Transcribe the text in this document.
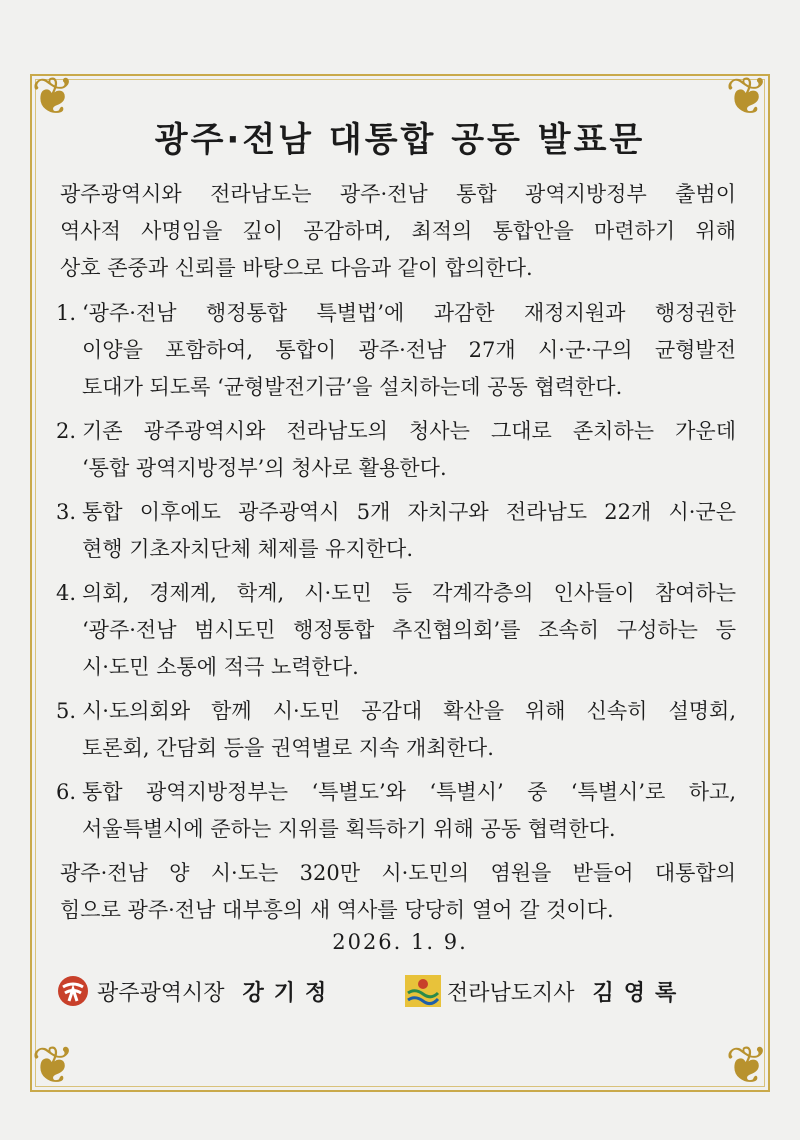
❦	❦
❦	❦
광주·전남 대통합 공동 발표문
광주광역시와 전라남도는 광주·전남 통합 광역지방정부 출범이
역사적 사명임을 깊이 공감하며, 최적의 통합안을 마련하기 위해
상호 존중과 신뢰를 바탕으로 다음과 같이 합의한다.
1. ‘광주·전남 행정통합 특별법’에 과감한 재정지원과 행정권한
이양을 포함하여, 통합이 광주·전남 27개 시·군·구의 균형발전
토대가 되도록 ‘균형발전기금’을 설치하는데 공동 협력한다.
2. 기존 광주광역시와 전라남도의 청사는 그대로 존치하는 가운데
‘통합 광역지방정부’의 청사로 활용한다.
3. 통합 이후에도 광주광역시 5개 자치구와 전라남도 22개 시·군은
현행 기초자치단체 체제를 유지한다.
4. 의회, 경제계, 학계, 시·도민 등 각계각층의 인사들이 참여하는
‘광주·전남 범시도민 행정통합 추진협의회’를 조속히 구성하는 등
시·도민 소통에 적극 노력한다.
5. 시·도의회와 함께 시·도민 공감대 확산을 위해 신속히 설명회,
토론회, 간담회 등을 권역별로 지속 개최한다.
6. 통합 광역지방정부는 ‘특별도’와 ‘특별시’ 중 ‘특별시’로 하고,
서울특별시에 준하는 지위를 획득하기 위해 공동 협력한다.
광주·전남 양 시·도는 320만 시·도민의 염원을 받들어 대통합의
힘으로 광주·전남 대부흥의 새 역사를 당당히 열어 갈 것이다.
2026. 1. 9.
광주광역시장 강기정	전라남도지사 김영록
